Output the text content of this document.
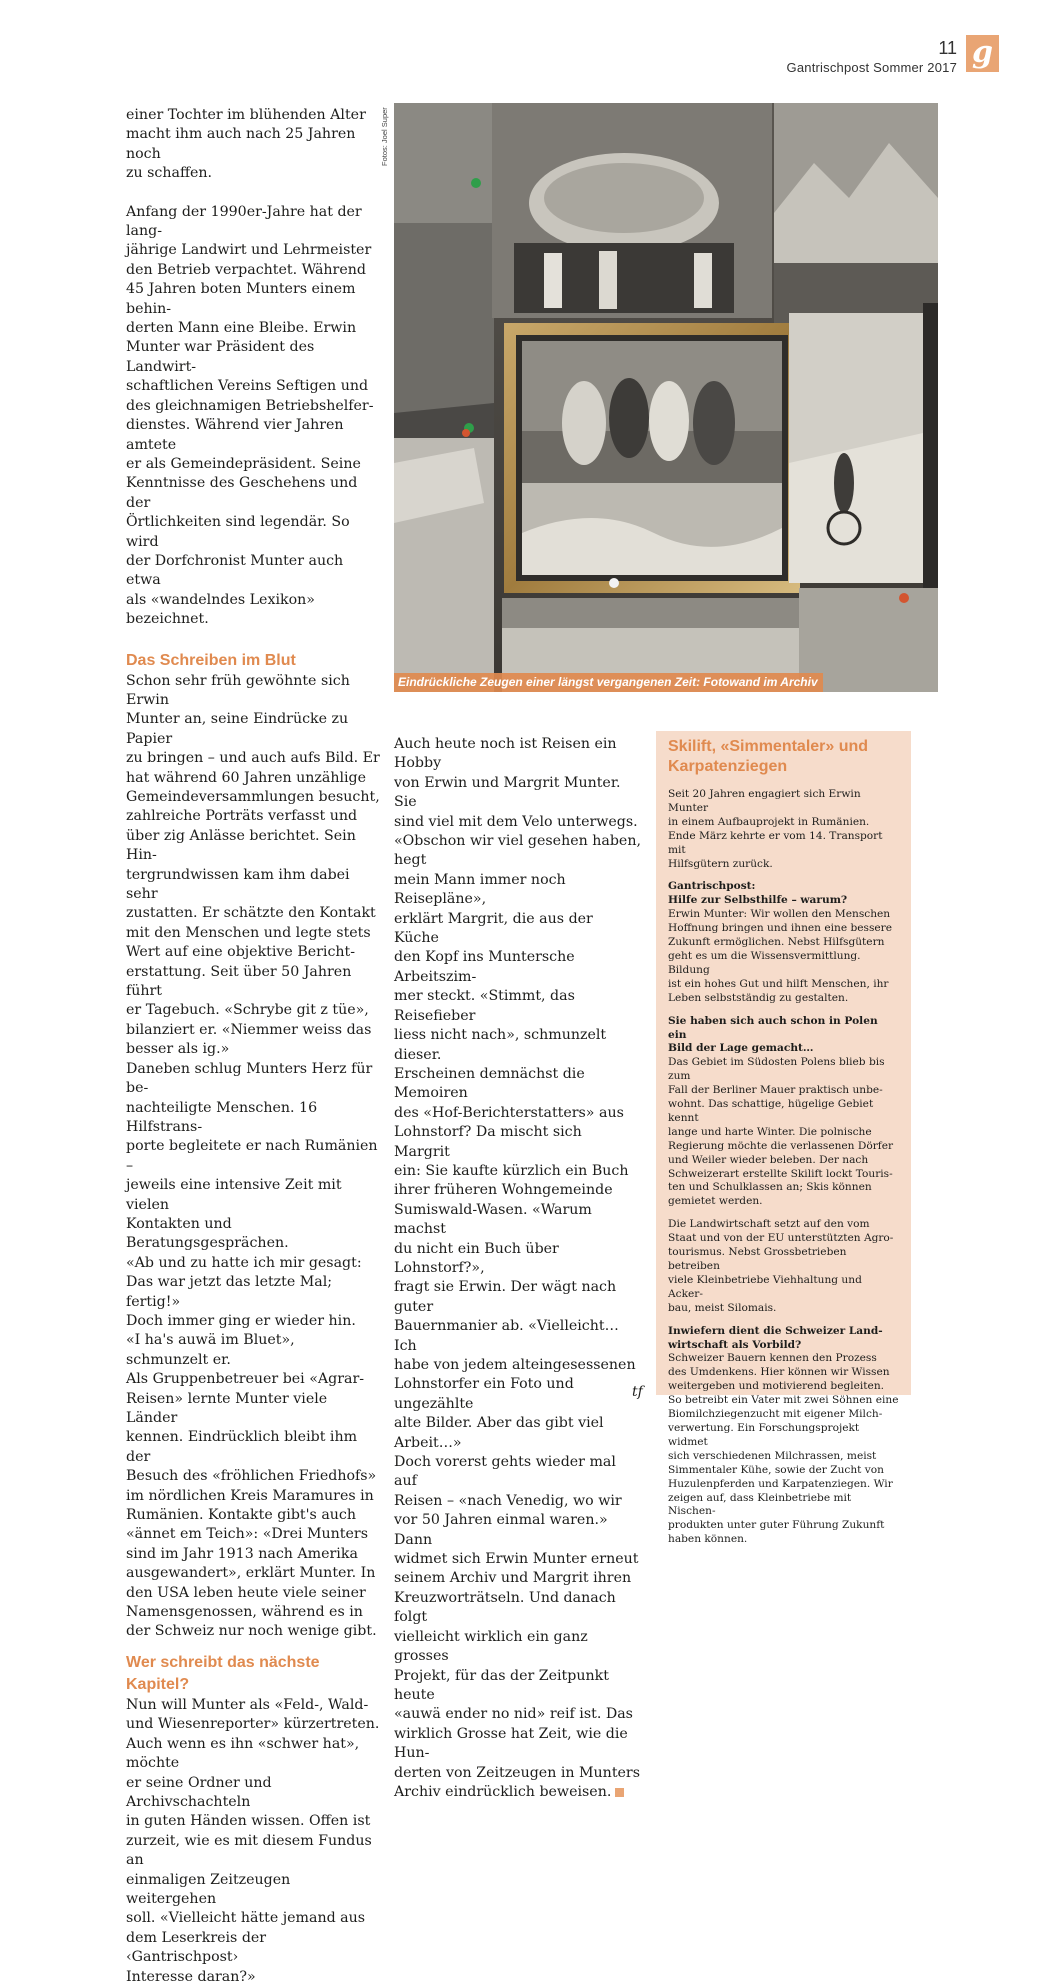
11
Gantrischpost Sommer 2017 g

einer Tochter im blühenden Alter
macht ihm auch nach 25 Jahren noch
zu schaffen.

Anfang der 1990er-Jahre hat der lang-
jährige Landwirt und Lehrmeister
den Betrieb verpachtet. Während
45 Jahren boten Munters einem behin-
derten Mann eine Bleibe. Erwin
Munter war Präsident des Landwirt-
schaftlichen Vereins Seftigen und
des gleichnamigen Betriebshelfer-
dienstes. Während vier Jahren amtete
er als Gemeindepräsident. Seine
Kenntnisse des Geschehens und der
Örtlichkeiten sind legendär. So wird
der Dorfchronist Munter auch etwa
als «wandelndes Lexikon» bezeichnet.

Das Schreiben im Blut

Schon sehr früh gewöhnte sich Erwin
Munter an, seine Eindrücke zu Papier
zu bringen – und auch aufs Bild. Er
hat während 60 Jahren unzählige
Gemeindeversammlungen besucht,
zahlreiche Porträts verfasst und
über zig Anlässe berichtet. Sein Hin-
tergrundwissen kam ihm dabei sehr
zustatten. Er schätzte den Kontakt
mit den Menschen und legte stets
Wert auf eine objektive Bericht-
erstattung. Seit über 50 Jahren führt
er Tagebuch. «Schrybe git z tüe»,
bilanziert er. «Niemmer weiss das
besser als ig.»

Daneben schlug Munters Herz für be-
nachteiligte Menschen. 16 Hilfstrans-
porte begleitete er nach Rumänien –
jeweils eine intensive Zeit mit vielen
Kontakten und Beratungsgesprächen.
«Ab und zu hatte ich mir gesagt:
Das war jetzt das letzte Mal; fertig!»
Doch immer ging er wieder hin.
«I ha's auwä im Bluet», schmunzelt er.
Als Gruppenbetreuer bei «Agrar-
Reisen» lernte Munter viele Länder
kennen. Eindrücklich bleibt ihm der
Besuch des «fröhlichen Friedhofs»
im nördlichen Kreis Maramures in
Rumänien. Kontakte gibt's auch
«ännet em Teich»: «Drei Munters
sind im Jahr 1913 nach Amerika
ausgewandert», erklärt Munter. In
den USA leben heute viele seiner
Namensgenossen, während es in
der Schweiz nur noch wenige gibt.

Wer schreibt das nächste Kapitel?

Nun will Munter als «Feld-, Wald-
und Wiesenreporter» kürzertreten.
Auch wenn es ihn «schwer hat», möchte
er seine Ordner und Archivschachteln
in guten Händen wissen. Offen ist
zurzeit, wie es mit diesem Fundus an
einmaligen Zeitzeugen weitergehen
soll. «Vielleicht hätte jemand aus
dem Leserkreis der ‹Gantrischpost›
Interesse daran?»

Fotos: Joel Super
Eindrückliche Zeugen einer längst vergangenen Zeit: Fotowand im Archiv

Auch heute noch ist Reisen ein Hobby
von Erwin und Margrit Munter. Sie
sind viel mit dem Velo unterwegs.
«Obschon wir viel gesehen haben, hegt
mein Mann immer noch Reisepläne»,
erklärt Margrit, die aus der Küche
den Kopf ins Muntersche Arbeitszim-
mer steckt. «Stimmt, das Reisefieber
liess nicht nach», schmunzelt dieser.
Erscheinen demnächst die Memoiren
des «Hof-Berichterstatters» aus
Lohnstorf? Da mischt sich Margrit
ein: Sie kaufte kürzlich ein Buch
ihrer früheren Wohngemeinde
Sumiswald-Wasen. «Warum machst
du nicht ein Buch über Lohnstorf?»,
fragt sie Erwin. Der wägt nach guter
Bauernmanier ab. «Vielleicht… Ich
habe von jedem alteingesessenen
Lohnstorfer ein Foto und ungezählte
alte Bilder. Aber das gibt viel
Arbeit…»

Doch vorerst gehts wieder mal auf
Reisen – «nach Venedig, wo wir
vor 50 Jahren einmal waren.» Dann
widmet sich Erwin Munter erneut
seinem Archiv und Margrit ihren
Kreuzworträtseln. Und danach folgt
vielleicht wirklich ein ganz grosses
Projekt, für das der Zeitpunkt heute
«auwä ender no nid» reif ist. Das
wirklich Grosse hat Zeit, wie die Hun-
derten von Zeitzeugen in Munters
Archiv eindrücklich beweisen.

tf
Skilift, «Simmentaler» und
Karpatenziegen

Seit 20 Jahren engagiert sich Erwin Munter
in einem Aufbauprojekt in Rumänien.
Ende März kehrte er vom 14. Transport mit
Hilfsgütern zurück.

Gantrischpost:
Hilfe zur Selbsthilfe – warum?

Erwin Munter: Wir wollen den Menschen
Hoffnung bringen und ihnen eine bessere
Zukunft ermöglichen. Nebst Hilfsgütern
geht es um die Wissensvermittlung. Bildung
ist ein hohes Gut und hilft Menschen, ihr
Leben selbstständig zu gestalten.

Sie haben sich auch schon in Polen ein
Bild der Lage gemacht…

Das Gebiet im Südosten Polens blieb bis zum
Fall der Berliner Mauer praktisch unbe-
wohnt. Das schattige, hügelige Gebiet kennt
lange und harte Winter. Die polnische
Regierung möchte die verlassenen Dörfer
und Weiler wieder beleben. Der nach
Schweizerart erstellte Skilift lockt Touris-
ten und Schulklassen an; Skis können
gemietet werden.

Die Landwirtschaft setzt auf den vom
Staat und von der EU unterstützten Agro-
tourismus. Nebst Grossbetrieben betreiben
viele Kleinbetriebe Viehhaltung und Acker-
bau, meist Silomais.

Inwiefern dient die Schweizer Land-
wirtschaft als Vorbild?

Schweizer Bauern kennen den Prozess
des Umdenkens. Hier können wir Wissen
weitergeben und motivierend begleiten.
So betreibt ein Vater mit zwei Söhnen eine
Biomilchziegenzucht mit eigener Milch-
verwertung. Ein Forschungsprojekt widmet
sich verschiedenen Milchrassen, meist
Simmentaler Kühe, sowie der Zucht von
Huzulenpferden und Karpatenziegen. Wir
zeigen auf, dass Kleinbetriebe mit Nischen-
produkten unter guter Führung Zukunft
haben können.
